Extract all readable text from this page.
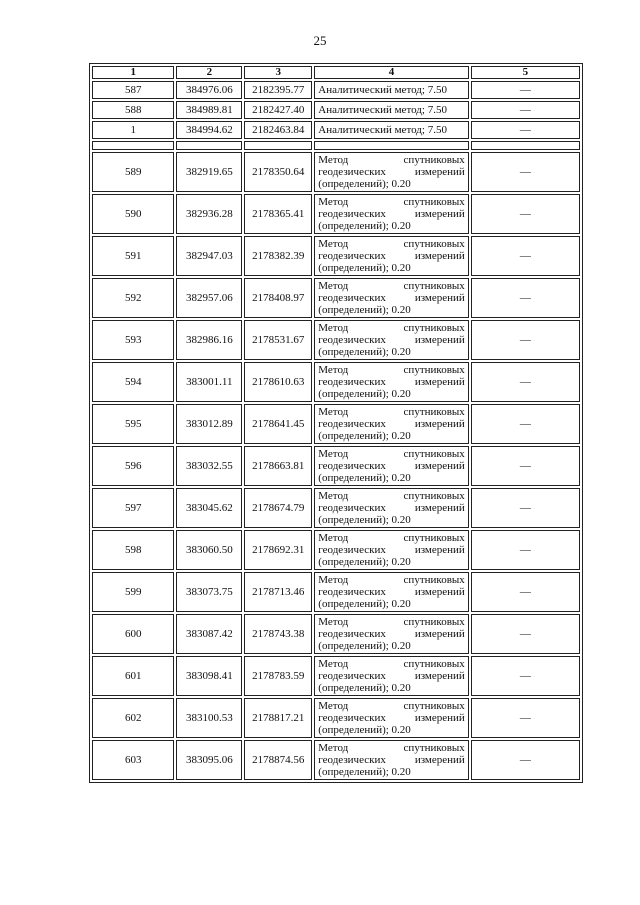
25
1	2	3	4	5
587	384976.06	2182395.77	Аналитический метод; 7.50	—
588	384989.81	2182427.40	Аналитический метод; 7.50	—
1	384994.62	2182463.84	Аналитический метод; 7.50	—

589	382919.65	2178350.64	Метод спутниковых
геодезических измерений
(определений); 0.20	—
590	382936.28	2178365.41	Метод спутниковых
геодезических измерений
(определений); 0.20	—
591	382947.03	2178382.39	Метод спутниковых
геодезических измерений
(определений); 0.20	—
592	382957.06	2178408.97	Метод спутниковых
геодезических измерений
(определений); 0.20	—
593	382986.16	2178531.67	Метод спутниковых
геодезических измерений
(определений); 0.20	—
594	383001.11	2178610.63	Метод спутниковых
геодезических измерений
(определений); 0.20	—
595	383012.89	2178641.45	Метод спутниковых
геодезических измерений
(определений); 0.20	—
596	383032.55	2178663.81	Метод спутниковых
геодезических измерений
(определений); 0.20	—
597	383045.62	2178674.79	Метод спутниковых
геодезических измерений
(определений); 0.20	—
598	383060.50	2178692.31	Метод спутниковых
геодезических измерений
(определений); 0.20	—
599	383073.75	2178713.46	Метод спутниковых
геодезических измерений
(определений); 0.20	—
600	383087.42	2178743.38	Метод спутниковых
геодезических измерений
(определений); 0.20	—
601	383098.41	2178783.59	Метод спутниковых
геодезических измерений
(определений); 0.20	—
602	383100.53	2178817.21	Метод спутниковых
геодезических измерений
(определений); 0.20	—
603	383095.06	2178874.56	Метод спутниковых
геодезических измерений
(определений); 0.20	—
